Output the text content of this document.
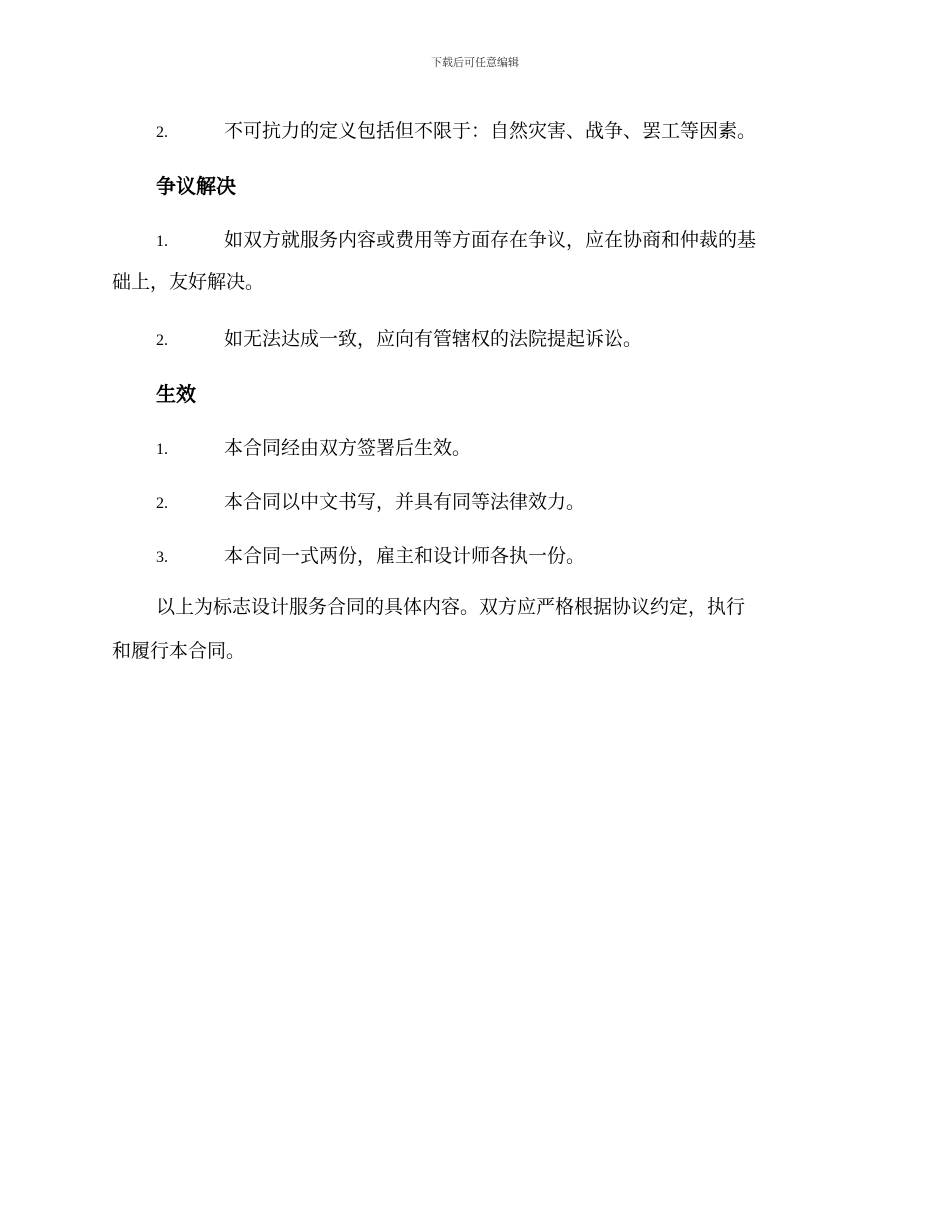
下载后可任意编辑
2.	不可抗力的定义包括但不限于：自然灾害、战争、罢工等因素。
争议解决
1.	如双方就服务内容或费用等方面存在争议，应在协商和仲裁的基
础上，友好解决。
2.	如无法达成一致，应向有管辖权的法院提起诉讼。
生效
1.	本合同经由双方签署后生效。
2.	本合同以中文书写，并具有同等法律效力。
3.	本合同一式两份，雇主和设计师各执一份。
以上为标志设计服务合同的具体内容。双方应严格根据协议约定，执行
和履行本合同。
